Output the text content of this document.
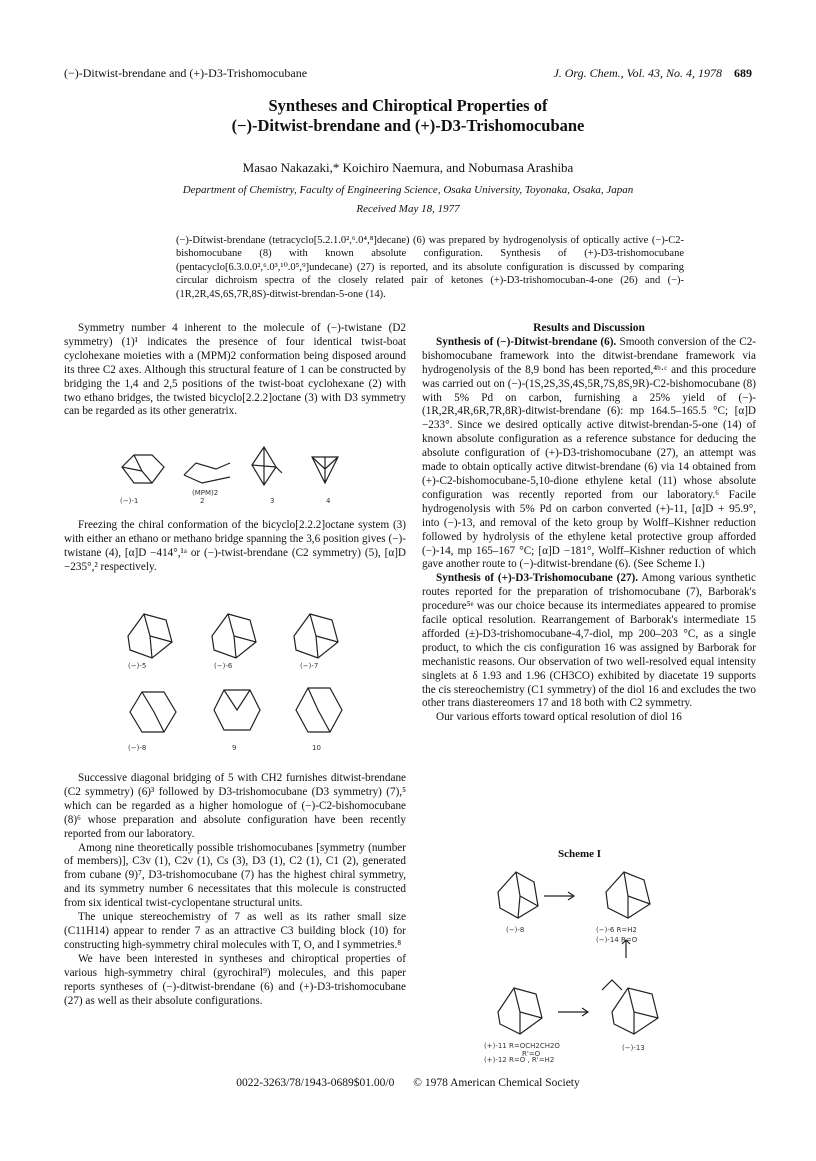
(−)-Ditwist-brendane and (+)-D3-Trishomocubane	J. Org. Chem., Vol. 43, No. 4, 1978 689
Syntheses and Chiroptical Properties of
(−)-Ditwist-brendane and (+)-D3-Trishomocubane
Masao Nakazaki,* Koichiro Naemura, and Nobumasa Arashiba
Department of Chemistry, Faculty of Engineering Science, Osaka University, Toyonaka, Osaka, Japan
Received May 18, 1977
(−)-Ditwist-brendane (tetracyclo[5.2.1.0²,⁶.0⁴,⁸]decane) (6) was prepared by hydrogenolysis of optically active (−)-C2-bishomocubane (8) with known absolute configuration. Synthesis of (+)-D3-trishomocubane (pentacyclo[6.3.0.0²,⁶.0³,¹⁰.0⁵,⁹]undecane) (27) is reported, and its absolute configuration is discussed by comparing circular dichroism spectra of the closely related pair of ketones (+)-D3-trishomocuban-4-one (26) and (−)-(1R,2R,4S,6S,7R,8S)-ditwist-brendan-5-one (14).

Symmetry number 4 inherent to the molecule of (−)-twistane (D2 symmetry) (1)¹ indicates the presence of four identical twist-boat cyclohexane moieties with a (MPM)2 conformation being disposed around its three C2 axes. Although this structural feature of 1 can be constructed by bridging the 1,4 and 2,5 positions of the twist-boat cyclohexane (2) with two ethano bridges, the twisted bicyclo[2.2.2]octane (3) with D3 symmetry can be regarded as its other generatrix.

(−)-1	2
(MPM)2
3	4

Freezing the chiral conformation of the bicyclo[2.2.2]octane system (3) with either an ethano or methano bridge spanning the 3,6 position gives (−)-twistane (4), [α]D −414°,¹ᵃ or (−)-twist-brendane (C2 symmetry) (5), [α]D −235°,² respectively.

(−)-5	(−)-6	(−)-7
(−)-8	9	10

Successive diagonal bridging of 5 with CH2 furnishes ditwist-brendane (C2 symmetry) (6)³ followed by D3-trishomocubane (D3 symmetry) (7),⁵ which can be regarded as a higher homologue of (−)-C2-bishomocubane (8)⁶ whose preparation and absolute configuration have been recently reported from our laboratory.

Among nine theoretically possible trishomocubanes [symmetry (number of members)], C3v (1), C2v (1), Cs (3), D3 (1), C2 (1), C1 (2), generated from cubane (9)⁷, D3-trishomocubane (7) has the highest chiral symmetry, and its symmetry number 6 necessitates that this molecule is constructed from six identical twist-cyclopentane structural units.

The unique stereochemistry of 7 as well as its rather small size (C11H14) appear to render 7 as an attractive C3 building block (10) for constructing high-symmetry chiral molecules with T, O, and I symmetries.⁸

We have been interested in syntheses and chiroptical properties of various high-symmetry chiral (gyrochiral⁹) molecules, and this paper reports syntheses of (−)-ditwist-brendane (6) and (+)-D3-trishomocubane (27) as well as their absolute configurations.

Results and Discussion

Synthesis of (−)-Ditwist-brendane (6). Smooth conversion of the C2-bishomocubane framework into the ditwist-brendane framework via hydrogenolysis of the 8,9 bond has been reported,⁴ᵇ·ᶜ and this procedure was carried out on (−)-(1S,2S,3S,4S,5R,7S,8S,9R)-C2-bishomocubane (8) with 5% Pd on carbon, furnishing a 25% yield of (−)-(1R,2R,4R,6R,7R,8R)-ditwist-brendane (6): mp 164.5–165.5 °C; [α]D −233°. Since we desired optically active ditwist-brendan-5-one (14) of known absolute configuration as a reference substance for deducing the absolute configuration of (+)-D3-trishomocubane (27), an attempt was made to obtain optically active ditwist-brendane (6) via 14 obtained from (+)-C2-bishomocubane-5,10-dione ethylene ketal (11) whose absolute configuration was recently reported from our laboratory.⁶ Facile hydrogenolysis with 5% Pd on carbon converted (+)-11, [α]D + 95.9°, into (−)-13, and removal of the keto group by Wolff–Kishner reduction followed by hydrolysis of the ethylene ketal protective group afforded (−)-14, mp 165–167 °C; [α]D −181°, Wolff–Kishner reduction of which gave another route to (−)-ditwist-brendane (6). (See Scheme I.)

Synthesis of (+)-D3-Trishomocubane (27). Among various synthetic routes reported for the preparation of trishomocubane (7), Barborak's procedure⁵ᵉ was our choice because its intermediates appeared to promise facile optical resolution. Rearrangement of Barborak's intermediate 15 afforded (±)-D3-trishomocubane-4,7-diol, mp 200–203 °C, as a single product, to which the cis configuration 16 was assigned by Barborak for mechanistic reasons. Our observation of two well-resolved equal intensity singlets at δ 1.93 and 1.96 (CH3CO) exhibited by diacetate 19 supports the cis stereochemistry (C1 symmetry) of the diol 16 and excludes the two other trans diastereomers 17 and 18 both with C2 symmetry.

Our various efforts toward optical resolution of diol 16

Scheme I
(−)-8	(−)-6 R=H2
(−)-14 R=O
(+)-11 R=OCH2CH2O
R'=O
(+)-12 R=O , R'=H2
(−)-13
0022-3263/78/1943-0689$01.00/0 © 1978 American Chemical Society
